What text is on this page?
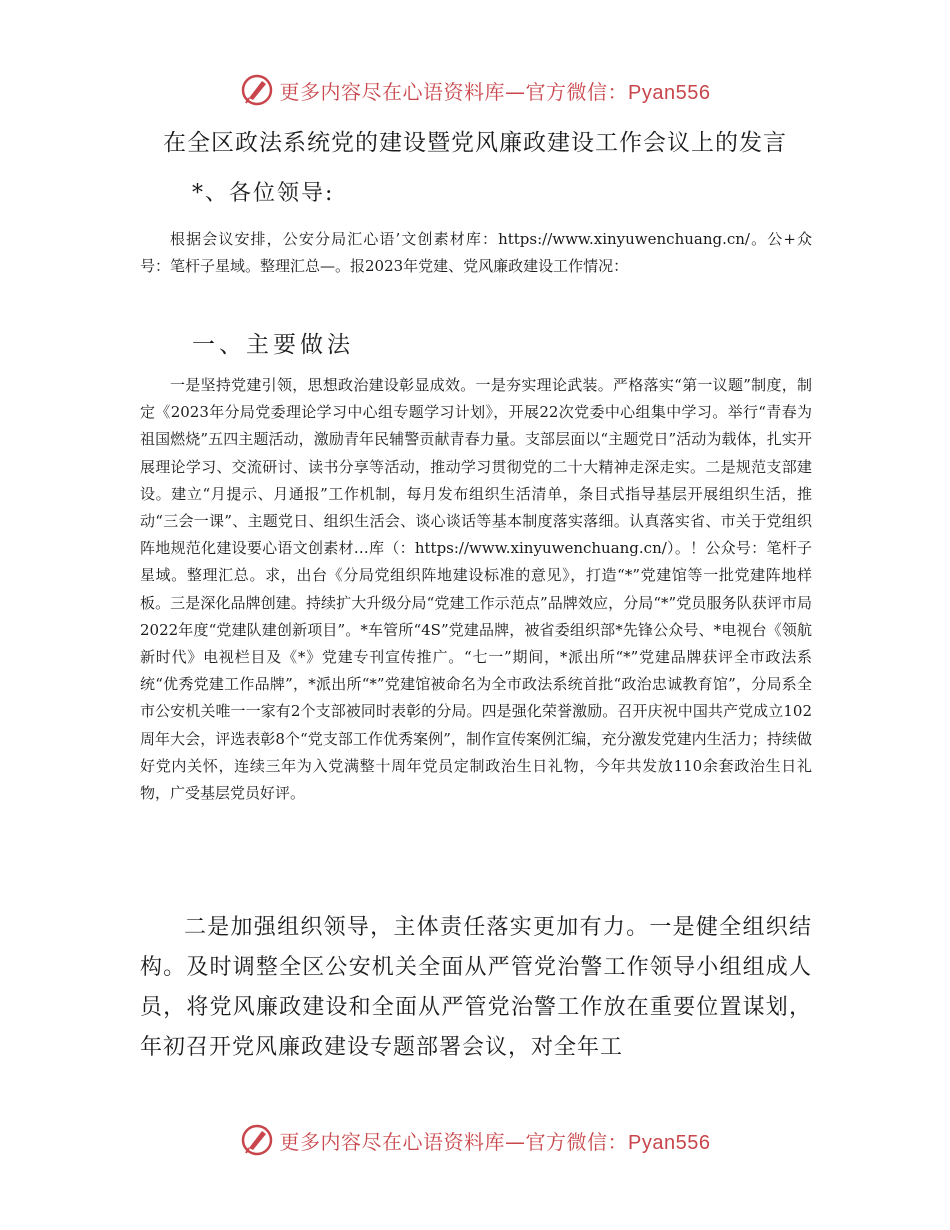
更多内容尽在心语资料库—官方微信：Pyan556
在全区政法系统党的建设暨党风廉政建设工作会议上的发言
*、各位领导:

根据会议安排，公安分局汇心语’文创素材库：https://www.xinyuwenchuang.cn/。公+众号：笔杆子星域。整理汇总—。报2023年党建、党风廉政建设工作情况：

一、主要做法

一是坚持党建引领，思想政治建设彰显成效。一是夯实理论武装。严格落实“第一议题”制度，制定《2023年分局党委理论学习中心组专题学习计划》，开展22次党委中心组集中学习。举行“青春为祖国燃烧”五四主题活动，激励青年民辅警贡献青春力量。支部层面以“主题党日”活动为载体，扎实开展理论学习、交流研讨、读书分享等活动，推动学习贯彻党的二十大精神走深走实。二是规范支部建设。建立“月提示、月通报”工作机制，每月发布组织生活清单，条目式指导基层开展组织生活，推动“三会一课”、主题党日、组织生活会、谈心谈话等基本制度落实落细。认真落实省、市关于党组织阵地规范化建设要心语文创素材…库（：https://www.xinyuwenchuang.cn/）。！公众号：笔杆子星域。整理汇总。求，出台《分局党组织阵地建设标准的意见》，打造“*”党建馆等一批党建阵地样板。三是深化品牌创建。持续扩大升级分局“党建工作示范点”品牌效应，分局“*”党员服务队获评市局2022年度“党建队建创新项目”。*车管所“4S”党建品牌，被省委组织部*先锋公众号、*电视台《领航新时代》电视栏目及《*》党建专刊宣传推广。“七一”期间，*派出所“*”党建品牌获评全市政法系统“优秀党建工作品牌”，*派出所“*”党建馆被命名为全市政法系统首批“政治忠诚教育馆”，分局系全市公安机关唯一一家有2个支部被同时表彰的分局。四是强化荣誉激励。召开庆祝中国共产党成立102周年大会，评选表彰8个“党支部工作优秀案例”，制作宣传案例汇编，充分激发党建内生活力；持续做好党内关怀，连续三年为入党满整十周年党员定制政治生日礼物，今年共发放110余套政治生日礼物，广受基层党员好评。

二是加强组织领导，主体责任落实更加有力。一是健全组织结构。及时调整全区公安机关全面从严管党治警工作领导小组组成人员，将党风廉政建设和全面从严管党治警工作放在重要位置谋划，年初召开党风廉政建设专题部署会议，对全年工

更多内容尽在心语资料库—官方微信：Pyan556
